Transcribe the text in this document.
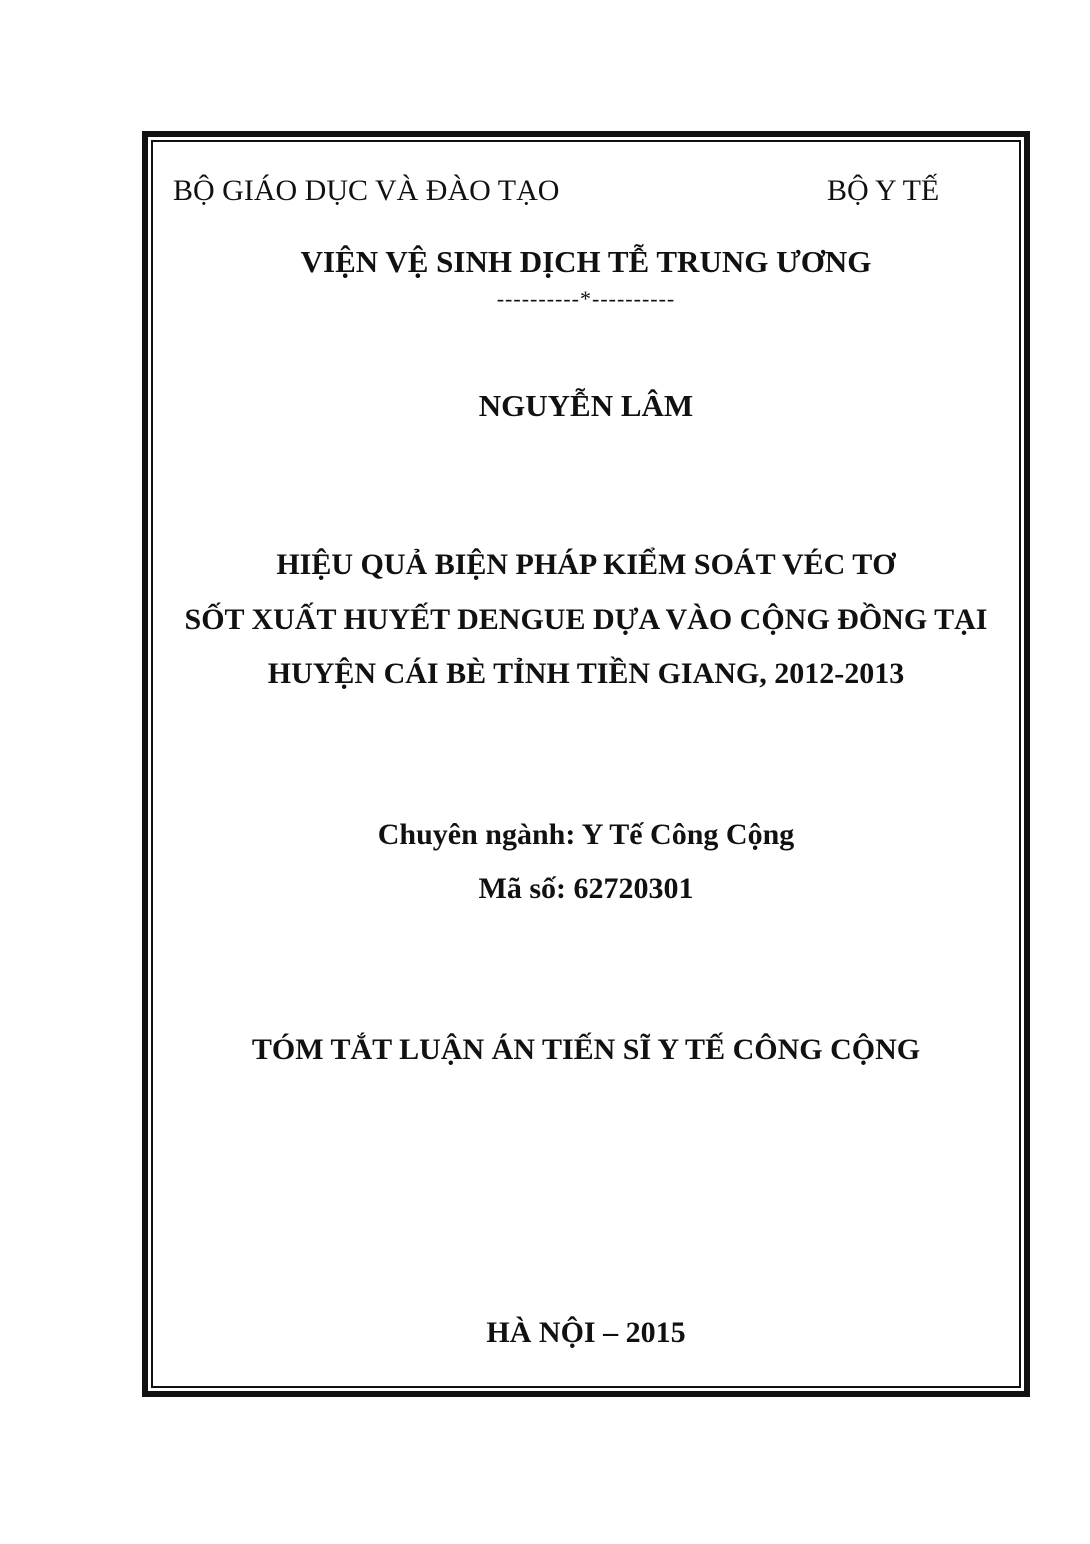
BỘ GIÁO DỤC VÀ ĐÀO TẠO	BỘ Y TẾ
VIỆN VỆ SINH DỊCH TỄ TRUNG ƯƠNG
----------*----------
NGUYỄN LÂM
HIỆU QUẢ BIỆN PHÁP KIỂM SOÁT VÉC TƠ
SỐT XUẤT HUYẾT DENGUE DỰA VÀO CỘNG ĐỒNG TẠI
HUYỆN CÁI BÈ TỈNH TIỀN GIANG, 2012-2013
Chuyên ngành: Y Tế Công Cộng
Mã số: 62720301
TÓM TẮT LUẬN ÁN TIẾN SĨ Y TẾ CÔNG CỘNG
HÀ NỘI – 2015
